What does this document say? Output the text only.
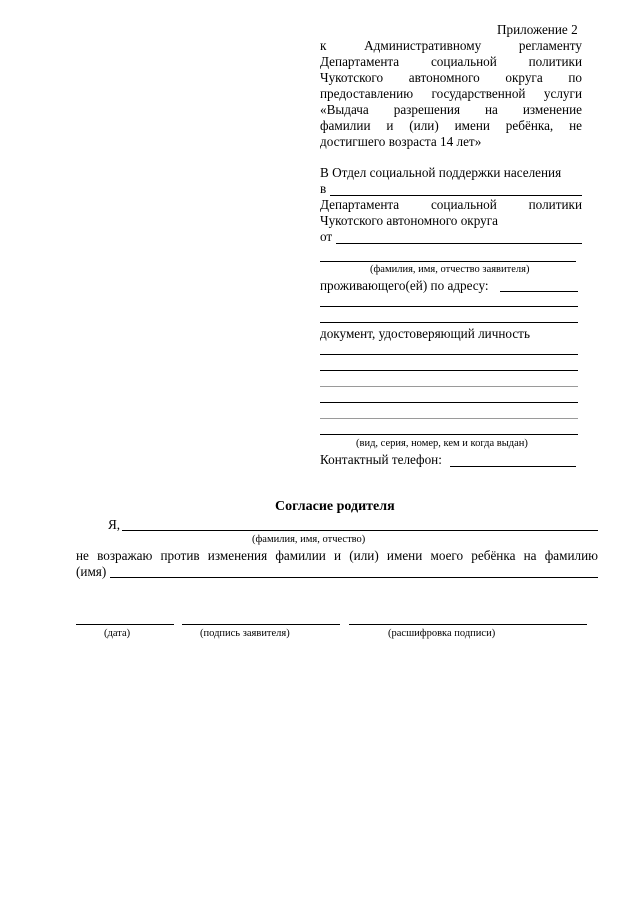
Приложение 2
к Административному регламенту
Департамента социальной политики
Чукотского автономного округа по
предоставлению государственной услуги
«Выдача разрешения на изменение
фамилии и (или) имени ребёнка, не
достигшего возраста 14 лет»
В Отдел социальной поддержки населения
в
Департамента социальной политики
Чукотского автономного округа
от
(фамилия, имя, отчество заявителя)
проживающего(ей) по адресу:
документ, удостоверяющий личность
(вид, серия, номер, кем и когда выдан)
Контактный телефон:
Согласие родителя
Я,
(фамилия, имя, отчество)
не возражаю против изменения фамилии и (или) имени моего ребёнка на фамилию
(имя)
(дата)	(подпись заявителя)	(расшифровка подписи)
